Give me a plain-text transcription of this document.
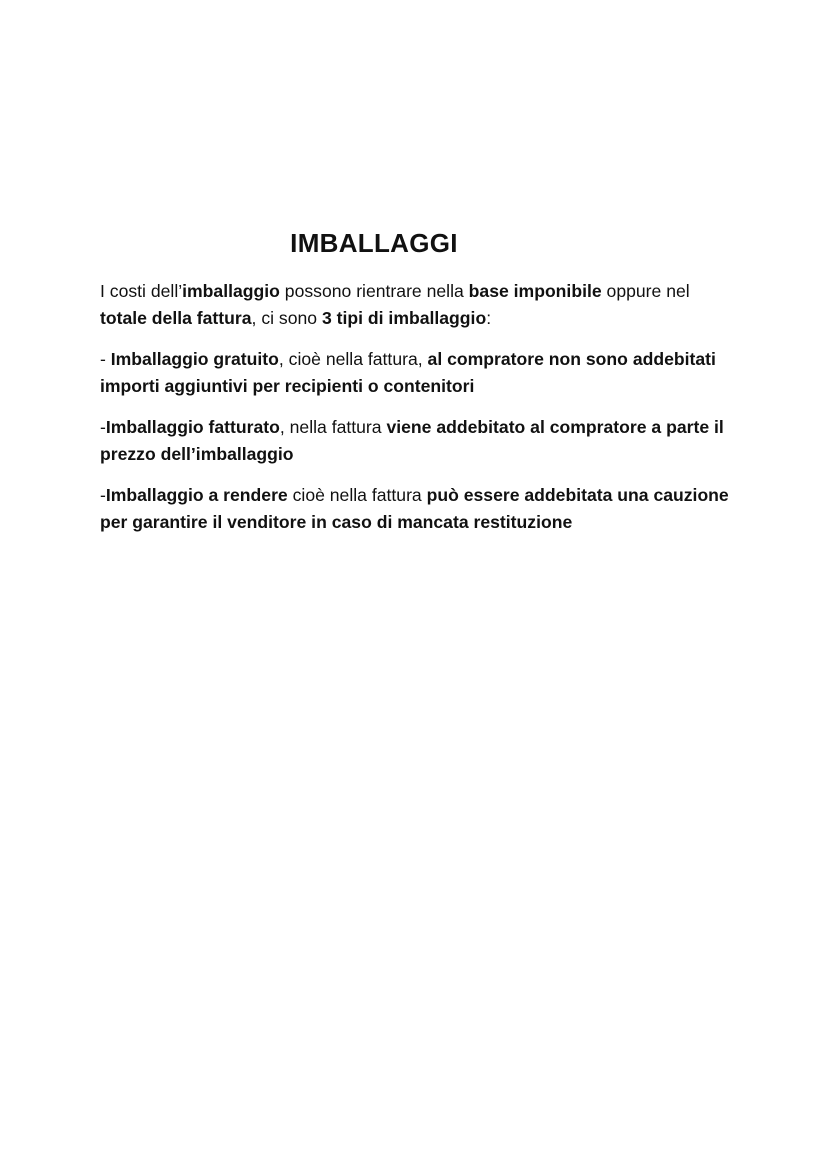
IMBALLAGGI

I costi dell’imballaggio possono rientrare nella base imponibile oppure nel totale della fattura, ci sono 3 tipi di imballaggio:

- Imballaggio gratuito, cioè nella fattura, al compratore non sono addebitati importi aggiuntivi per recipienti o contenitori

-Imballaggio fatturato, nella fattura viene addebitato al compratore a parte il prezzo dell’imballaggio

-Imballaggio a rendere cioè nella fattura può essere addebitata una cauzione per garantire il venditore in caso di mancata restituzione
